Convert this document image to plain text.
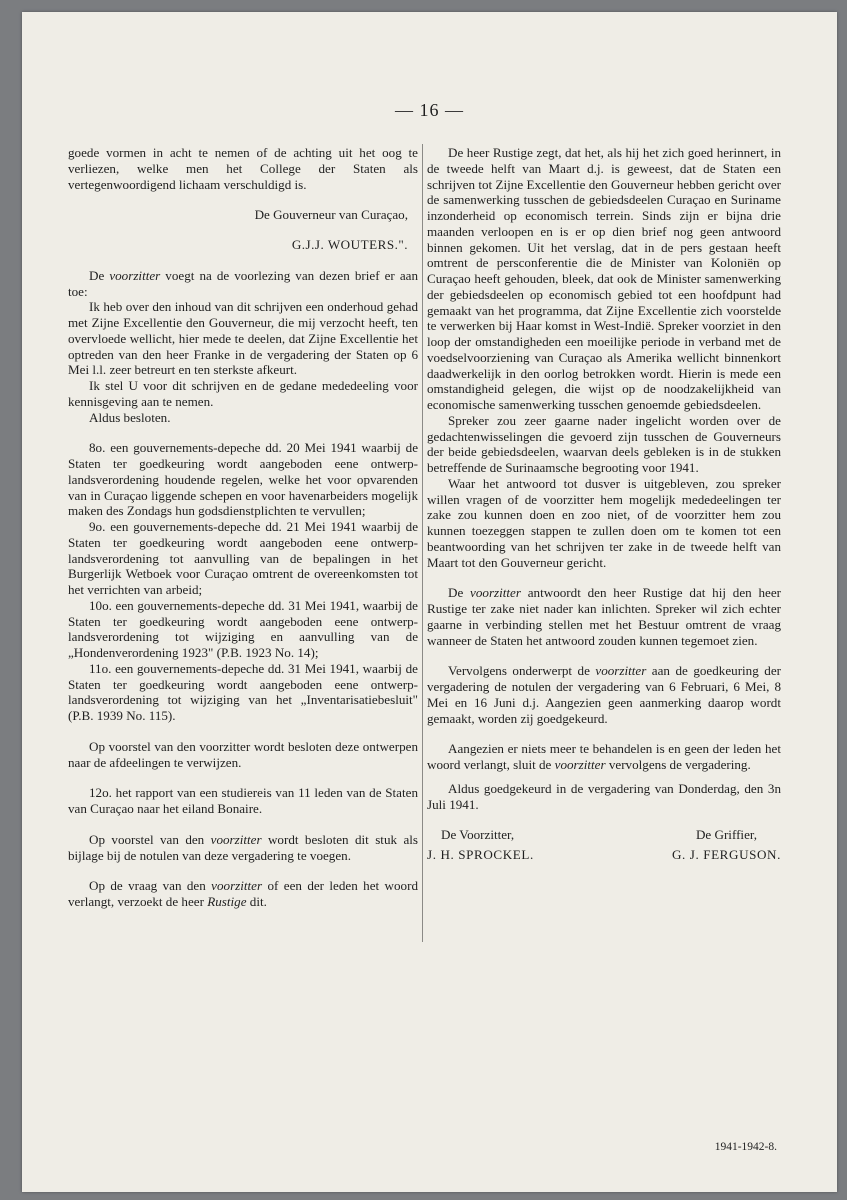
— 16 —

goede vormen in acht te nemen of de achting uit het oog te verliezen, welke men het College der Staten als vertegenwoordigend lichaam verschuldigd is.

De Gouverneur van Curaçao,

G.J.J. WOUTERS.".

De voorzitter voegt na de voorlezing van dezen brief er aan toe:

Ik heb over den inhoud van dit schrijven een onderhoud gehad met Zijne Excellentie den Gouverneur, die mij verzocht heeft, ten overvloede wellicht, hier mede te deelen, dat Zijne Excellentie het optreden van den heer Franke in de vergadering der Staten op 6 Mei l.l. zeer betreurt en ten sterkste afkeurt.

Ik stel U voor dit schrijven en de gedane mededeeling voor kennisgeving aan te nemen.

Aldus besloten.

8o. een gouvernements-depeche dd. 20 Mei 1941 waarbij de Staten ter goedkeuring wordt aangeboden eene ontwerp-landsverordening houdende regelen, welke het voor opvarenden van in Curaçao liggende schepen en voor havenarbeiders mogelijk maken des Zondags hun godsdienstplichten te vervullen;

9o. een gouvernements-depeche dd. 21 Mei 1941 waarbij de Staten ter goedkeuring wordt aangeboden eene ontwerp-landsverordening tot aanvulling van de bepalingen in het Burgerlijk Wetboek voor Curaçao omtrent de overeenkomsten tot het verrichten van arbeid;

10o. een gouvernements-depeche dd. 31 Mei 1941, waarbij de Staten ter goedkeuring wordt aangeboden eene ontwerp-landsverordening tot wijziging en aanvulling van de „Hondenverordening 1923" (P.B. 1923 No. 14);

11o. een gouvernements-depeche dd. 31 Mei 1941, waarbij de Staten ter goedkeuring wordt aangeboden eene ontwerp-landsverordening tot wijziging van het „Inventarisatiebesluit" (P.B. 1939 No. 115).

Op voorstel van den voorzitter wordt besloten deze ontwerpen naar de afdeelingen te verwijzen.

12o. het rapport van een studiereis van 11 leden van de Staten van Curaçao naar het eiland Bonaire.

Op voorstel van den voorzitter wordt besloten dit stuk als bijlage bij de notulen van deze vergadering te voegen.

Op de vraag van den voorzitter of een der leden het woord verlangt, verzoekt de heer Rustige dit.

De heer Rustige zegt, dat het, als hij het zich goed herinnert, in de tweede helft van Maart d.j. is geweest, dat de Staten een schrijven tot Zijne Excellentie den Gouverneur hebben gericht over de samenwerking tusschen de gebiedsdeelen Curaçao en Suriname inzonderheid op economisch terrein. Sinds zijn er bijna drie maanden verloopen en is er op dien brief nog geen antwoord binnen gekomen. Uit het verslag, dat in de pers gestaan heeft omtrent de persconferentie die de Minister van Koloniën op Curaçao heeft gehouden, bleek, dat ook de Minister samenwerking der gebiedsdeelen op economisch gebied tot een hoofdpunt had gemaakt van het programma, dat Zijne Excellentie zich voorstelde te verwerken bij Haar komst in West-Indië. Spreker voorziet in den loop der omstandigheden een moeilijke periode in verband met de voedselvoorziening van Curaçao als Amerika wellicht binnenkort daadwerkelijk in den oorlog betrokken wordt. Hierin is mede een omstandigheid gelegen, die wijst op de noodzakelijkheid van economische samenwerking tusschen genoemde gebiedsdeelen.

Spreker zou zeer gaarne nader ingelicht worden over de gedachtenwisselingen die gevoerd zijn tusschen de Gouverneurs der beide gebiedsdeelen, waarvan deels gebleken is in de stukken betreffende de Surinaamsche begrooting voor 1941.

Waar het antwoord tot dusver is uitgebleven, zou spreker willen vragen of de voorzitter hem mogelijk mededeelingen ter zake zou kunnen doen en zoo niet, of de voorzitter hem zou kunnen toezeggen stappen te zullen doen om te komen tot een beantwoording van het schrijven ter zake in de tweede helft van Maart tot den Gouverneur gericht.

De voorzitter antwoordt den heer Rustige dat hij den heer Rustige ter zake niet nader kan inlichten. Spreker wil zich echter gaarne in verbinding stellen met het Bestuur omtrent de vraag wanneer de Staten het antwoord zouden kunnen tegemoet zien.

Vervolgens onderwerpt de voorzitter aan de goedkeuring der vergadering de notulen der vergadering van 6 Februari, 6 Mei, 8 Mei en 16 Juni d.j. Aangezien geen aanmerking daarop wordt gemaakt, worden zij goedgekeurd.

Aangezien er niets meer te behandelen is en geen der leden het woord verlangt, sluit de voorzitter vervolgens de vergadering.

Aldus goedgekeurd in de vergadering van Donderdag, den 3n Juli 1941.

De Voorzitter,
J. H. SPROCKEL.
De Griffier,
G. J. FERGUSON.
1941-1942-8.
